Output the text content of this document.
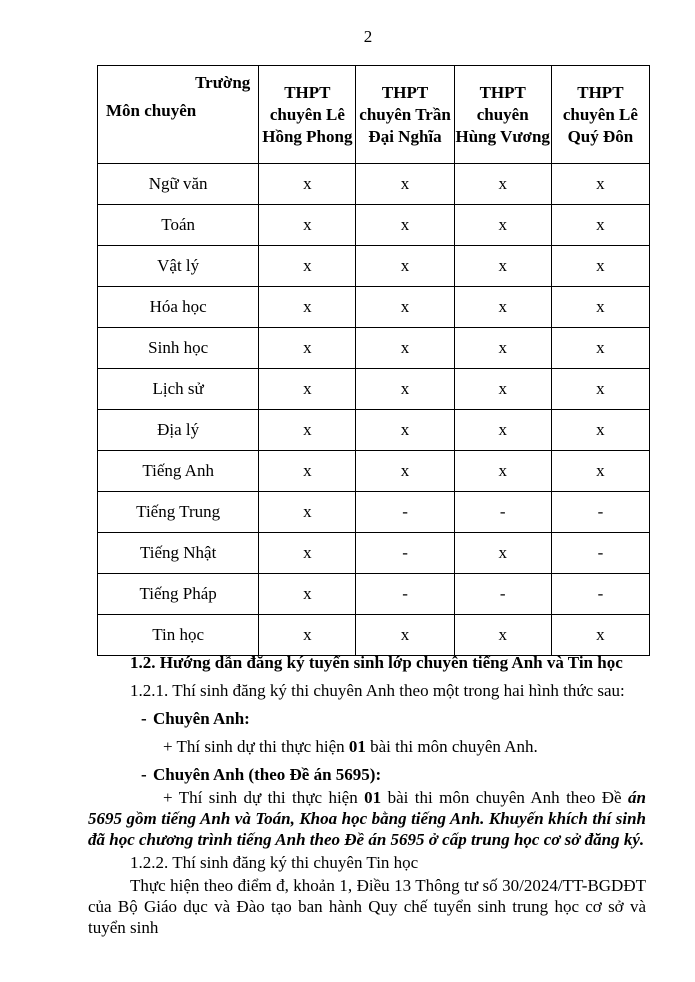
2
Trường
Môn chuyên	THPT chuyên Lê Hồng Phong	THPT chuyên Trần Đại Nghĩa	THPT chuyên Hùng Vương	THPT chuyên Lê Quý Đôn
Ngữ văn	x	x	x	x
Toán	x	x	x	x
Vật lý	x	x	x	x
Hóa học	x	x	x	x
Sinh học	x	x	x	x
Lịch sử	x	x	x	x
Địa lý	x	x	x	x
Tiếng Anh	x	x	x	x
Tiếng Trung	x	-	-	-
Tiếng Nhật	x	-	x	-
Tiếng Pháp	x	-	-	-
Tin học	x	x	x	x

1.2. Hướng dẫn đăng ký tuyển sinh lớp chuyên tiếng Anh và Tin học

1.2.1. Thí sinh đăng ký thi chuyên Anh theo một trong hai hình thức sau:

- Chuyên Anh:

+ Thí sinh dự thi thực hiện 01 bài thi môn chuyên Anh.

- Chuyên Anh (theo Đề án 5695):

+ Thí sinh dự thi thực hiện 01 bài thi môn chuyên Anh theo Đề án 5695 gồm tiếng Anh và Toán, Khoa học bằng tiếng Anh. Khuyến khích thí sinh đã học chương trình tiếng Anh theo Đề án 5695 ở cấp trung học cơ sở đăng ký.

1.2.2. Thí sinh đăng ký thi chuyên Tin học

Thực hiện theo điểm đ, khoản 1, Điều 13 Thông tư số 30/2024/TT-BGDĐT của Bộ Giáo dục và Đào tạo ban hành Quy chế tuyển sinh trung học cơ sở và tuyển sinh
